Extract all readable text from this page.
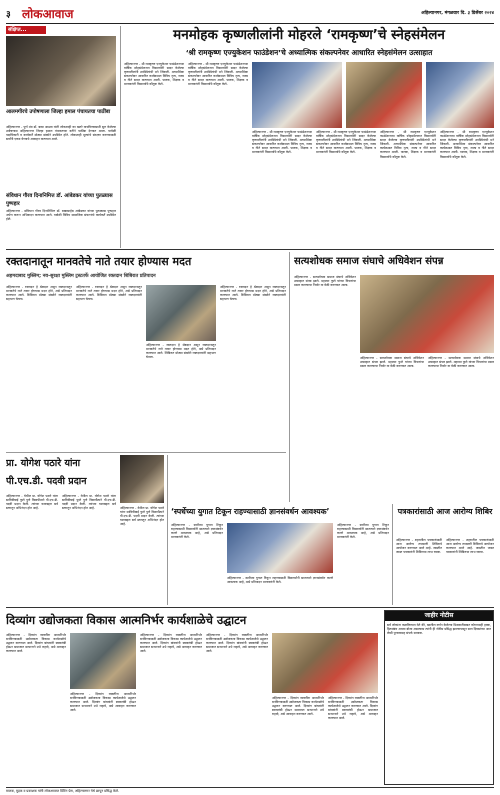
३ लोकआवाज	अहिल्यानगर, मंगळवार दि. ३ डिसेंबर २०२४
संक्षिप्त...
आलमगीरचे उपोषणाला जिल्हा हमाल पंचायतचा पाठींबा
अहिल्यानगर - पूर्ण मंत्र डॉ. बाबा आढाव यांनी लोकशाही का खतरे वाचविण्यासाठी सुरु केलेल्या उपोषणास अहिल्यानगर जिल्हा हमाल पंचायतच्या वतीने पाठींबा देण्यात आला. यावेळी पदाधिकारी व कार्यकर्ते मोठ्या संख्येने उपस्थित होते. लोकशाही मूल्यांचे संरक्षण करण्यासाठी सर्वांनी एकत्र येण्याचे आवाहन करण्यात आले.
संविधान गौरव दिनानिमित्त डॉ. आंबेडकर यांच्या पुतळ्यास पुष्पहार
अहिल्यानगर - संविधान गौरव दिनानिमित्त डॉ. बाबासाहेब आंबेडकर यांच्या पुतळ्यास पुष्पहार अर्पण करून अभिवादन करण्यात आले. यावेळी विविध सामाजिक संघटनांचे कार्यकर्ते उपस्थित होते.
मनमोहक कृष्णलीलांनी मोहरले ‘रामकृष्ण’चे स्नेहसंमेलन
‘श्री रामकृष्ण एज्युकेशन फाउंडेशन’चे अध्यात्मिक संकल्पनेवर आधारित स्नेहसंमेलन उत्साहात
अहिल्यानगर - श्री रामकृष्ण एज्युकेशन फाउंडेशनच्या वार्षिक स्नेहसंमेलनात विद्यार्थ्यांनी सादर केलेल्या कृष्णलीलांनी उपस्थितांची मने जिंकली. अध्यात्मिक संकल्पनेवर आधारित कार्यक्रमात विविध नृत्य, नाट्य व गीते सादर करण्यात आली. पालक, शिक्षक व मान्यवरांनी विद्यार्थ्यांचे कौतुक केले.
अहिल्यानगर - श्री रामकृष्ण एज्युकेशन फाउंडेशनच्या वार्षिक स्नेहसंमेलनात विद्यार्थ्यांनी सादर केलेल्या कृष्णलीलांनी उपस्थितांची मने जिंकली. अध्यात्मिक संकल्पनेवर आधारित कार्यक्रमात विविध नृत्य, नाट्य व गीते सादर करण्यात आली. पालक, शिक्षक व मान्यवरांनी विद्यार्थ्यांचे कौतुक केले.
अहिल्यानगर - श्री रामकृष्ण एज्युकेशन फाउंडेशनच्या वार्षिक स्नेहसंमेलनात विद्यार्थ्यांनी सादर केलेल्या कृष्णलीलांनी उपस्थितांची मने जिंकली. अध्यात्मिक संकल्पनेवर आधारित कार्यक्रमात विविध नृत्य, नाट्य व गीते सादर करण्यात आली. पालक, शिक्षक व मान्यवरांनी विद्यार्थ्यांचे कौतुक केले.
अहिल्यानगर - श्री रामकृष्ण एज्युकेशन फाउंडेशनच्या वार्षिक स्नेहसंमेलनात विद्यार्थ्यांनी सादर केलेल्या कृष्णलीलांनी उपस्थितांची मने जिंकली. अध्यात्मिक संकल्पनेवर आधारित कार्यक्रमात विविध नृत्य, नाट्य व गीते सादर करण्यात आली. पालक, शिक्षक व मान्यवरांनी विद्यार्थ्यांचे कौतुक केले.
अहिल्यानगर - श्री रामकृष्ण एज्युकेशन फाउंडेशनच्या वार्षिक स्नेहसंमेलनात विद्यार्थ्यांनी सादर केलेल्या कृष्णलीलांनी उपस्थितांची मने जिंकली. अध्यात्मिक संकल्पनेवर आधारित कार्यक्रमात विविध नृत्य, नाट्य व गीते सादर करण्यात आली. पालक, शिक्षक व मान्यवरांनी विद्यार्थ्यांचे कौतुक केले.
अहिल्यानगर - श्री रामकृष्ण एज्युकेशन फाउंडेशनच्या वार्षिक स्नेहसंमेलनात विद्यार्थ्यांनी सादर केलेल्या कृष्णलीलांनी उपस्थितांची मने जिंकली. अध्यात्मिक संकल्पनेवर आधारित कार्यक्रमात विविध नृत्य, नाट्य व गीते सादर करण्यात आली. पालक, शिक्षक व मान्यवरांनी विद्यार्थ्यांचे कौतुक केले.
रक्तदानातून मानवतेचे नाते तयार होण्यास मदत
अहमदाबाद मुस्लिम; नव-सुरक्षा मुस्लिम ट्रस्टतर्फे आयोजित रक्तदान शिबिरात प्रतिपादन
अहिल्यानगर - रक्तदान हे श्रेष्ठदान असून रक्तदानातून मानवतेचे नाते तयार होण्यास मदत होते, असे प्रतिपादन करण्यात आले. शिबिरात मोठ्या संख्येने रक्तदात्यांनी सहभाग घेतला.
अहिल्यानगर - रक्तदान हे श्रेष्ठदान असून रक्तदानातून मानवतेचे नाते तयार होण्यास मदत होते, असे प्रतिपादन करण्यात आले. शिबिरात मोठ्या संख्येने रक्तदात्यांनी सहभाग घेतला.
अहिल्यानगर - रक्तदान हे श्रेष्ठदान असून रक्तदानातून मानवतेचे नाते तयार होण्यास मदत होते, असे प्रतिपादन करण्यात आले. शिबिरात मोठ्या संख्येने रक्तदात्यांनी सहभाग घेतला.
अहिल्यानगर - रक्तदान हे श्रेष्ठदान असून रक्तदानातून मानवतेचे नाते तयार होण्यास मदत होते, असे प्रतिपादन करण्यात आले. शिबिरात मोठ्या संख्येने रक्तदात्यांनी सहभाग घेतला.
सत्यशोधक समाज संघाचे अधिवेशन संपन्न
अहिल्यानगर - सत्यशोधक समाज संघाचे अधिवेशन उत्साहात संपन्न झाले. महात्मा फुले यांच्या विचारांचा प्रसार करण्याचा निर्धार या वेळी करण्यात आला.
अहिल्यानगर - सत्यशोधक समाज संघाचे अधिवेशन उत्साहात संपन्न झाले. महात्मा फुले यांच्या विचारांचा प्रसार करण्याचा निर्धार या वेळी करण्यात आला.
अहिल्यानगर - सत्यशोधक समाज संघाचे अधिवेशन उत्साहात संपन्न झाले. महात्मा फुले यांच्या विचारांचा प्रसार करण्याचा निर्धार या वेळी करण्यात आला.
प्रा. योगेश पठारे यांना पी.एच.डी. पदवी प्रदान
अहिल्यानगर - येथील प्रा. योगेश पठारे यांना सावित्रीबाई फुले पुणे विद्यापीठाने पी.एच.डी. पदवी प्रदान केली. त्यांच्या यशाबद्दल सर्व स्तरातून अभिनंदन होत आहे.
अहिल्यानगर - येथील प्रा. योगेश पठारे यांना सावित्रीबाई फुले पुणे विद्यापीठाने पी.एच.डी. पदवी प्रदान केली. त्यांच्या यशाबद्दल सर्व स्तरातून अभिनंदन होत आहे.	अहिल्यानगर - येथील प्रा. योगेश पठारे यांना सावित्रीबाई फुले पुणे विद्यापीठाने पी.एच.डी. पदवी प्रदान केली. त्यांच्या यशाबद्दल सर्व स्तरातून अभिनंदन होत आहे.
‘स्पर्धेच्या युगात टिकून राहण्यासाठी ज्ञानसंवर्धन आवश्यक’
अहिल्यानगर - स्पर्धेच्या युगात टिकून राहण्यासाठी विद्यार्थ्यांनी सातत्याने ज्ञानसंवर्धन करणे आवश्यक आहे, असे प्रतिपादन मान्यवरांनी केले.
अहिल्यानगर - स्पर्धेच्या युगात टिकून राहण्यासाठी विद्यार्थ्यांनी सातत्याने ज्ञानसंवर्धन करणे आवश्यक आहे, असे प्रतिपादन मान्यवरांनी केले.
अहिल्यानगर - स्पर्धेच्या युगात टिकून राहण्यासाठी विद्यार्थ्यांनी सातत्याने ज्ञानसंवर्धन करणे आवश्यक आहे, असे प्रतिपादन मान्यवरांनी केले.
पत्रकारांसाठी आज आरोग्य शिबिर
अहिल्यानगर - शहरातील पत्रकारांसाठी आज आरोग्य तपासणी शिबिराचे आयोजन करण्यात आले आहे. जास्तीत जास्त पत्रकारांनी शिबिराचा लाभ घ्यावा.
अहिल्यानगर - शहरातील पत्रकारांसाठी आज आरोग्य तपासणी शिबिराचे आयोजन करण्यात आले आहे. जास्तीत जास्त पत्रकारांनी शिबिराचा लाभ घ्यावा.
दिव्यांग उद्योजकता विकास आत्मनिर्भर कार्यशाळेचे उद्घाटन
अहिल्यानगर - दिव्यांग व्यक्तींना आत्मनिर्भर बनविण्यासाठी उद्योजकता विकास कार्यशाळेचे उद्घाटन करण्यात आले. दिव्यांग बांधवांनी स्वावलंबी होऊन समाजात सन्मानाने उभे राहावे, असे आवाहन करण्यात आले.
अहिल्यानगर - दिव्यांग व्यक्तींना आत्मनिर्भर बनविण्यासाठी उद्योजकता विकास कार्यशाळेचे उद्घाटन करण्यात आले. दिव्यांग बांधवांनी स्वावलंबी होऊन समाजात सन्मानाने उभे राहावे, असे आवाहन करण्यात आले.
अहिल्यानगर - दिव्यांग व्यक्तींना आत्मनिर्भर बनविण्यासाठी उद्योजकता विकास कार्यशाळेचे उद्घाटन करण्यात आले. दिव्यांग बांधवांनी स्वावलंबी होऊन समाजात सन्मानाने उभे राहावे, असे आवाहन करण्यात आले.
अहिल्यानगर - दिव्यांग व्यक्तींना आत्मनिर्भर बनविण्यासाठी उद्योजकता विकास कार्यशाळेचे उद्घाटन करण्यात आले. दिव्यांग बांधवांनी स्वावलंबी होऊन समाजात सन्मानाने उभे राहावे, असे आवाहन करण्यात आले.
अहिल्यानगर - दिव्यांग व्यक्तींना आत्मनिर्भर बनविण्यासाठी उद्योजकता विकास कार्यशाळेचे उद्घाटन करण्यात आले. दिव्यांग बांधवांनी स्वावलंबी होऊन समाजात सन्मानाने उभे राहावे, असे आवाहन करण्यात आले.
अहिल्यानगर - दिव्यांग व्यक्तींना आत्मनिर्भर बनविण्यासाठी उद्योजकता विकास कार्यशाळेचे उद्घाटन करण्यात आले. दिव्यांग बांधवांनी स्वावलंबी होऊन समाजात सन्मानाने उभे राहावे, असे आवाहन करण्यात आले.
जाहीर नोटीस
सर्व लोकांना कळविण्यात येते की, खालील वर्णन केलेल्या मिळकतीबाबत कोणाचाही हक्क, हितसंबंध अथवा बोजा असल्यास त्यांनी ही नोटीस प्रसिद्ध झाल्यापासून सात दिवसांच्या आत लेखी पुराव्यासह संपर्क साधावा.
मालक, मुद्रक व प्रकाशक यांनी लोकआवाज प्रिंटिंग प्रेस, अहिल्यानगर येथे छापून प्रसिद्ध केले.
